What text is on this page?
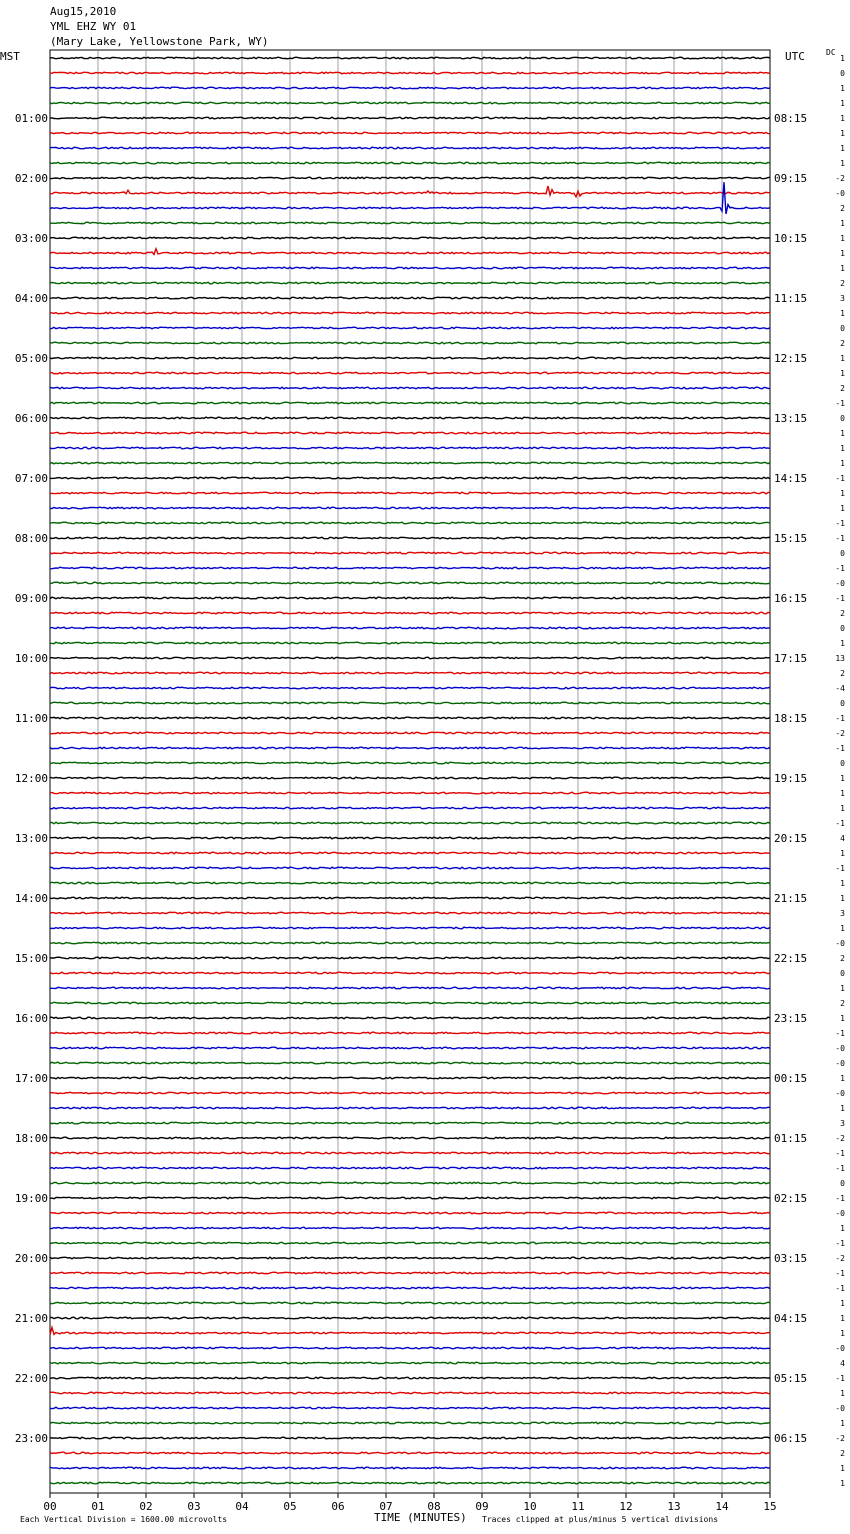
Aug15,2010
YML EHZ WY 01
(Mary Lake, Yellowstone Park, WY)
MST	UTC	DC
01:00
02:00
03:00
04:00
05:00
06:00
07:00
08:00
09:00
10:00
11:00
12:00
13:00
14:00
15:00
16:00
17:00
18:00
19:00
20:00
21:00
22:00
23:00
08:15
09:15
10:15
11:15
12:15
13:15
14:15
15:15
16:15
17:15
18:15
19:15
20:15
21:15
22:15
23:15
00:15
01:15
02:15
03:15
04:15
05:15
06:15
1
0
1
1
1
1
1
1
-2
-0
2
1
1
1
1
2
3
1
0
2
1
1
2
-1
0
1
1
1
-1
1
1
-1
-1
0
-1
-0
-1
2
0
1
13
2
-4
0
-1
-2
-1
0
1
1
1
-1
4
1
-1
1
1
3
1
-0
2
0
1
2
1
-1
-0
-0
1
-0
1
3
-2
-1
-1
0
-1
-0
1
-1
-2
-1
-1
1
1
1
-0
4
-1
1
-0
1
-2
2
1
1
00	01	02	03	04	05	06	07	08	09	10	11	12	13	14	15
Each Vertical Division = 1600.00 microvolts	TIME (MINUTES) Traces clipped at plus/minus 5 vertical divisions
